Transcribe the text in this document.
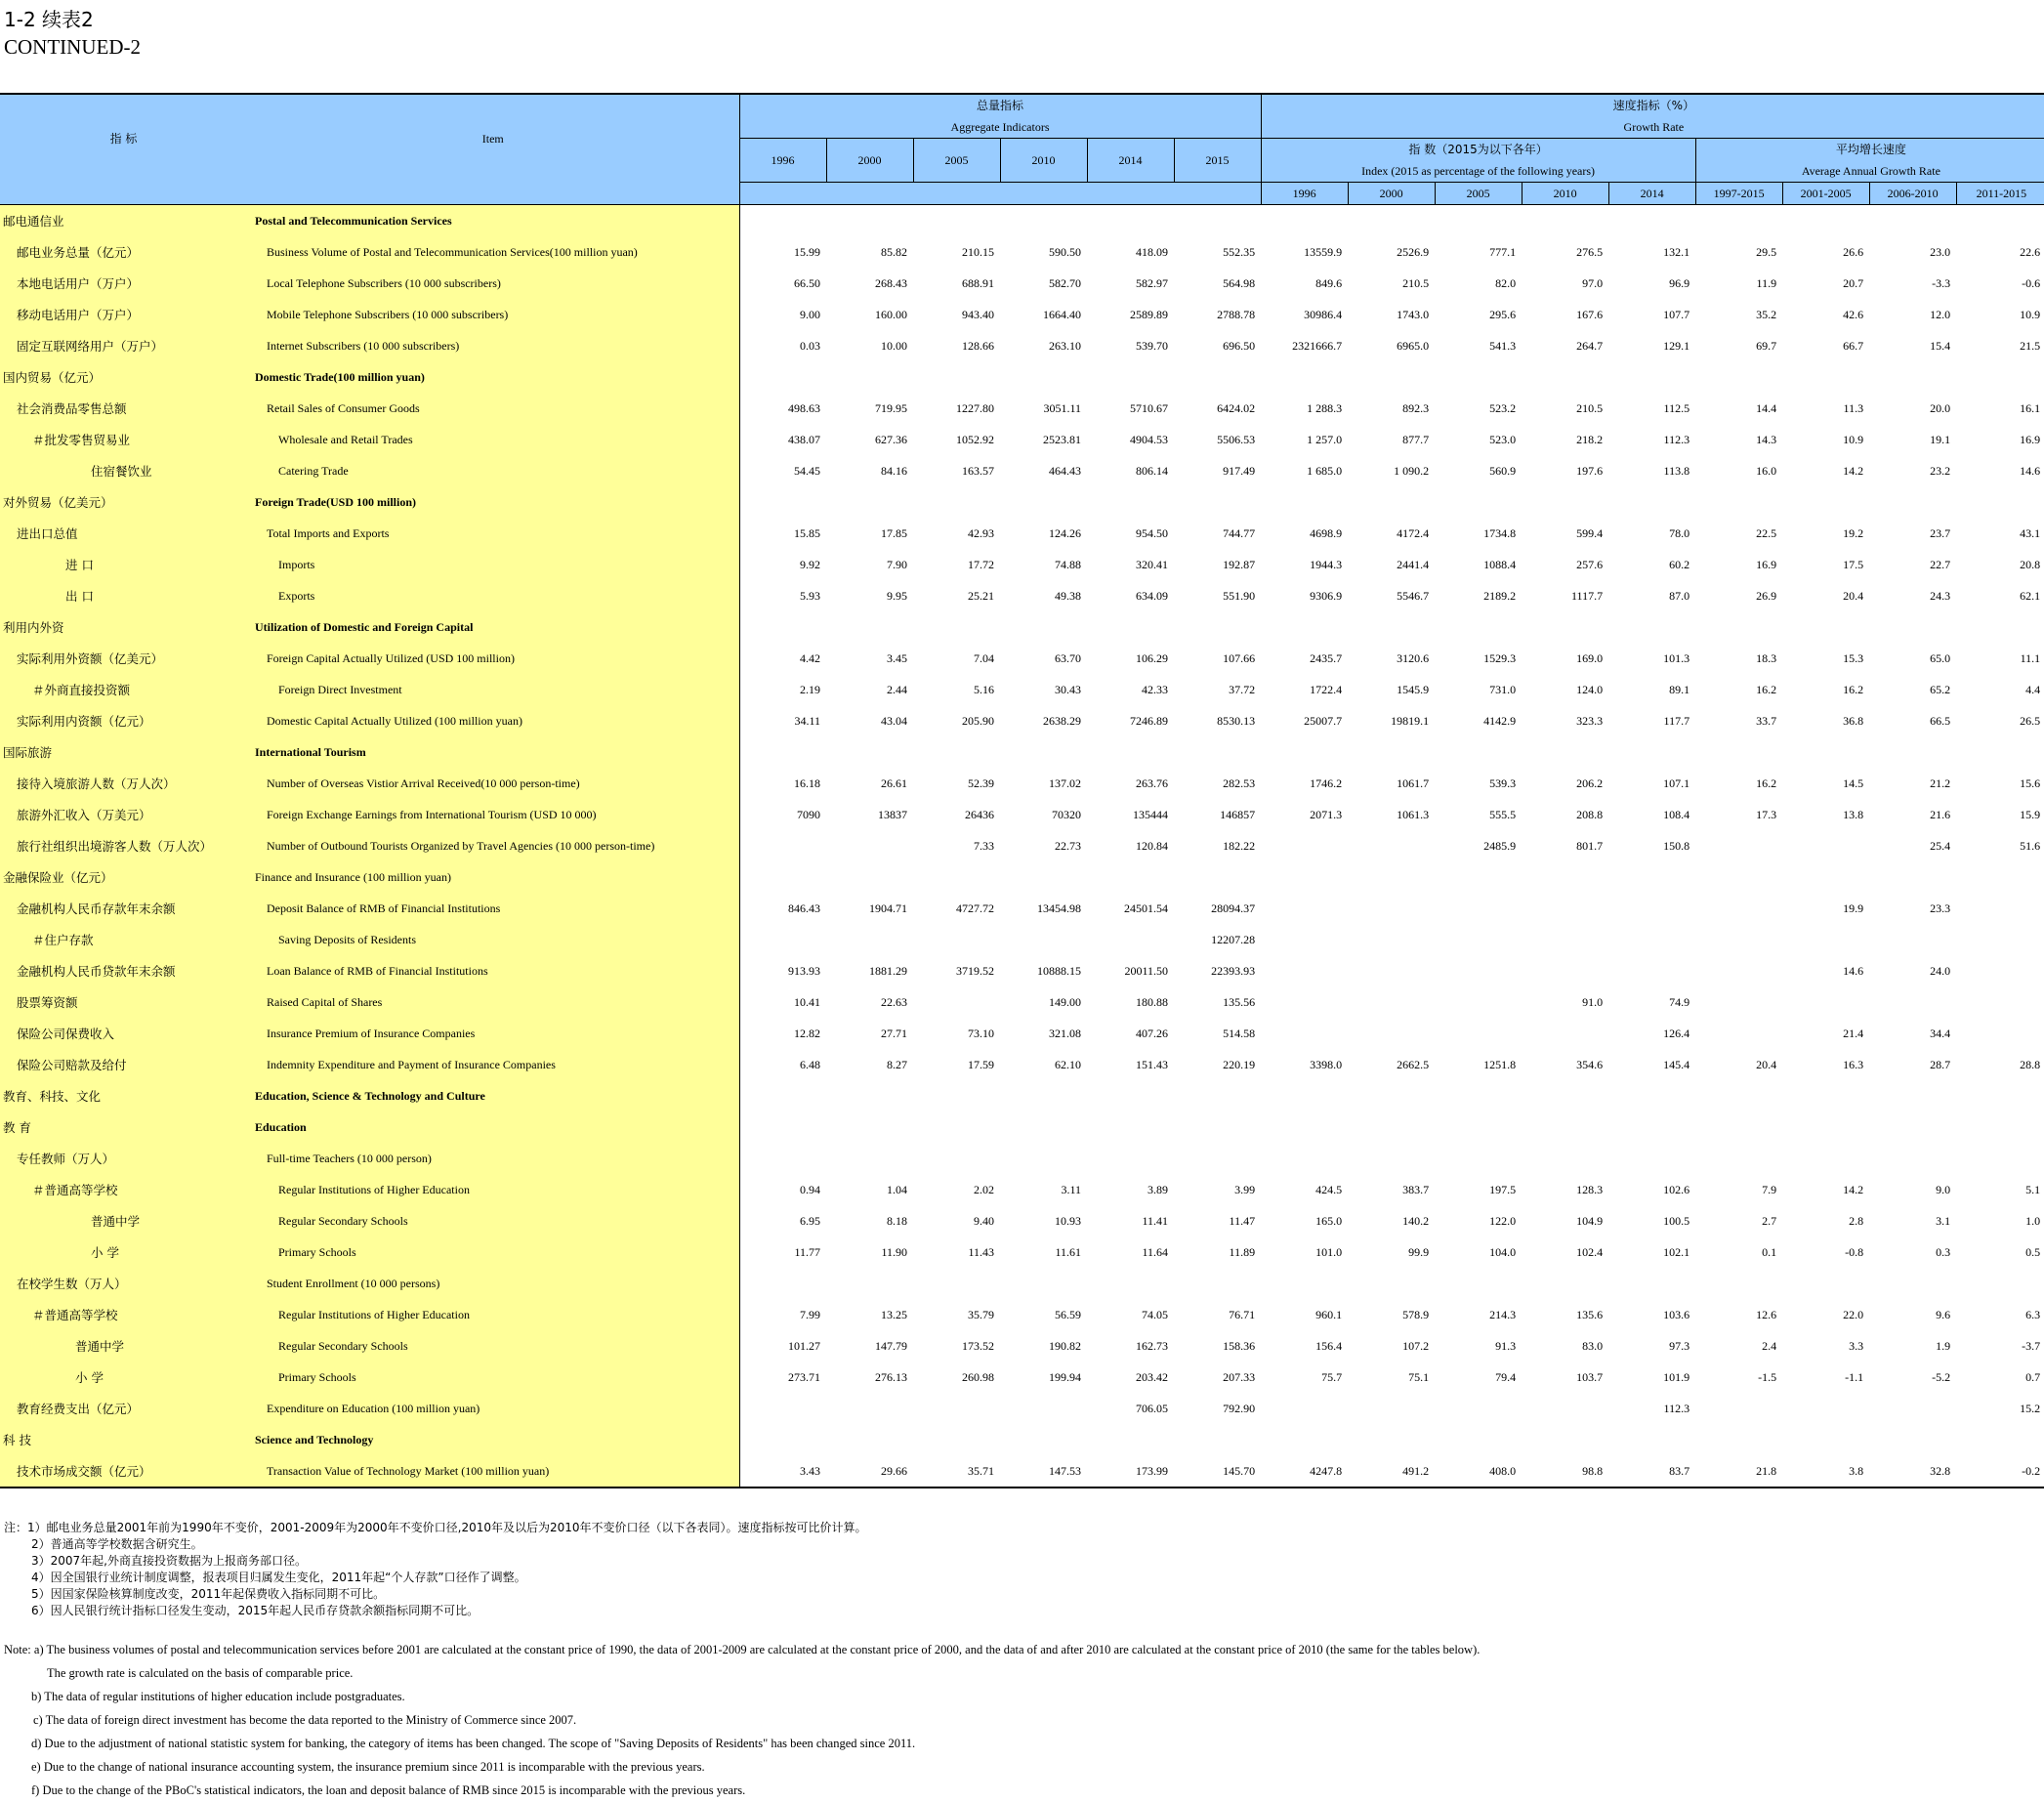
1-2 续表2
CONTINUED-2
指 标	Item	总量指标						速度指标（%）								
		Aggregate Indicators						Growth Rate								
		1996	2000	2005	2010	2014	2015	指 数（2015为以下各年）					平均增长速度			

								Index (2015 as percentage of the following years)					Average Annual Growth Rate			
								1996	2000	2005	2010	2014	1997-2015	2001-2005	2006-2010	2011-2015
邮电通信业	Postal and Telecommunication Services															
邮电业务总量（亿元）	Business Volume of Postal and Telecommunication Services(100 million yuan)	15.99	85.82	210.15	590.50	418.09	552.35	13559.9	2526.9	777.1	276.5	132.1	29.5	26.6	23.0	22.6
本地电话用户（万户）	Local Telephone Subscribers (10 000 subscribers)	66.50	268.43	688.91	582.70	582.97	564.98	849.6	210.5	82.0	97.0	96.9	11.9	20.7	-3.3	-0.6
移动电话用户（万户）	Mobile Telephone Subscribers (10 000 subscribers)	9.00	160.00	943.40	1664.40	2589.89	2788.78	30986.4	1743.0	295.6	167.6	107.7	35.2	42.6	12.0	10.9
固定互联网络用户（万户）	Internet Subscribers (10 000 subscribers)	0.03	10.00	128.66	263.10	539.70	696.50	2321666.7	6965.0	541.3	264.7	129.1	69.7	66.7	15.4	21.5
国内贸易（亿元）	Domestic Trade(100 million yuan)															
社会消费品零售总额	Retail Sales of Consumer Goods	498.63	719.95	1227.80	3051.11	5710.67	6424.02	1 288.3	892.3	523.2	210.5	112.5	14.4	11.3	20.0	16.1
＃批发零售贸易业	Wholesale and Retail Trades	438.07	627.36	1052.92	2523.81	4904.53	5506.53	1 257.0	877.7	523.0	218.2	112.3	14.3	10.9	19.1	16.9
住宿餐饮业	Catering Trade	54.45	84.16	163.57	464.43	806.14	917.49	1 685.0	1 090.2	560.9	197.6	113.8	16.0	14.2	23.2	14.6
对外贸易（亿美元）	Foreign Trade(USD 100 million)															
进出口总值	Total Imports and Exports	15.85	17.85	42.93	124.26	954.50	744.77	4698.9	4172.4	1734.8	599.4	78.0	22.5	19.2	23.7	43.1
进 口	Imports	9.92	7.90	17.72	74.88	320.41	192.87	1944.3	2441.4	1088.4	257.6	60.2	16.9	17.5	22.7	20.8
出 口	Exports	5.93	9.95	25.21	49.38	634.09	551.90	9306.9	5546.7	2189.2	1117.7	87.0	26.9	20.4	24.3	62.1
利用内外资	Utilization of Domestic and Foreign Capital															
实际利用外资额（亿美元）	Foreign Capital Actually Utilized (USD 100 million)	4.42	3.45	7.04	63.70	106.29	107.66	2435.7	3120.6	1529.3	169.0	101.3	18.3	15.3	65.0	11.1
＃外商直接投资额	Foreign Direct Investment	2.19	2.44	5.16	30.43	42.33	37.72	1722.4	1545.9	731.0	124.0	89.1	16.2	16.2	65.2	4.4
实际利用内资额（亿元）	Domestic Capital Actually Utilized (100 million yuan)	34.11	43.04	205.90	2638.29	7246.89	8530.13	25007.7	19819.1	4142.9	323.3	117.7	33.7	36.8	66.5	26.5
国际旅游	International Tourism															
接待入境旅游人数（万人次）	Number of Overseas Vistior Arrival Received(10 000 person-time)	16.18	26.61	52.39	137.02	263.76	282.53	1746.2	1061.7	539.3	206.2	107.1	16.2	14.5	21.2	15.6
旅游外汇收入（万美元）	Foreign Exchange Earnings from International Tourism (USD 10 000)	7090	13837	26436	70320	135444	146857	2071.3	1061.3	555.5	208.8	108.4	17.3	13.8	21.6	15.9
旅行社组织出境游客人数（万人次）	Number of Outbound Tourists Organized by Travel Agencies (10 000 person-time)			7.33	22.73	120.84	182.22			2485.9	801.7	150.8			25.4	51.6
金融保险业（亿元）	Finance and Insurance (100 million yuan)															
金融机构人民币存款年末余额	Deposit Balance of RMB of Financial Institutions	846.43	1904.71	4727.72	13454.98	24501.54	28094.37							19.9	23.3	
＃住户存款	Saving Deposits of Residents						12207.28									
金融机构人民币贷款年末余额	Loan Balance of RMB of Financial Institutions	913.93	1881.29	3719.52	10888.15	20011.50	22393.93							14.6	24.0	
股票筹资额	Raised Capital of Shares	10.41	22.63		149.00	180.88	135.56				91.0	74.9				
保险公司保费收入	Insurance Premium of Insurance Companies	12.82	27.71	73.10	321.08	407.26	514.58					126.4		21.4	34.4	
保险公司赔款及给付	Indemnity Expenditure and Payment of Insurance Companies	6.48	8.27	17.59	62.10	151.43	220.19	3398.0	2662.5	1251.8	354.6	145.4	20.4	16.3	28.7	28.8
教育、科技、文化	Education, Science & Technology and Culture															
教 育	Education															
专任教师（万人）	Full-time Teachers (10 000 person)															
＃普通高等学校	Regular Institutions of Higher Education	0.94	1.04	2.02	3.11	3.89	3.99	424.5	383.7	197.5	128.3	102.6	7.9	14.2	9.0	5.1
普通中学	Regular Secondary Schools	6.95	8.18	9.40	10.93	11.41	11.47	165.0	140.2	122.0	104.9	100.5	2.7	2.8	3.1	1.0
小 学	Primary Schools	11.77	11.90	11.43	11.61	11.64	11.89	101.0	99.9	104.0	102.4	102.1	0.1	-0.8	0.3	0.5
在校学生数（万人）	Student Enrollment (10 000 persons)															
＃普通高等学校	Regular Institutions of Higher Education	7.99	13.25	35.79	56.59	74.05	76.71	960.1	578.9	214.3	135.6	103.6	12.6	22.0	9.6	6.3
普通中学	Regular Secondary Schools	101.27	147.79	173.52	190.82	162.73	158.36	156.4	107.2	91.3	83.0	97.3	2.4	3.3	1.9	-3.7
小 学	Primary Schools	273.71	276.13	260.98	199.94	203.42	207.33	75.7	75.1	79.4	103.7	101.9	-1.5	-1.1	-5.2	0.7
教育经费支出（亿元）	Expenditure on Education (100 million yuan)					706.05	792.90					112.3				15.2
科 技	Science and Technology															
技术市场成交额（亿元）	Transaction Value of Technology Market (100 million yuan)	3.43	29.66	35.71	147.53	173.99	145.70	4247.8	491.2	408.0	98.8	83.7	21.8	3.8	32.8	-0.2
注：1）邮电业务总量2001年前为1990年不变价，2001-2009年为2000年不变价口径,2010年及以后为2010年不变价口径（以下各表同）。速度指标按可比价计算。
2）普通高等学校数据含研究生。
3）2007年起,外商直接投资数据为上报商务部口径。
4）因全国银行业统计制度调整，报表项目归属发生变化，2011年起“个人存款”口径作了调整。
5）因国家保险核算制度改变，2011年起保费收入指标同期不可比。
6）因人民银行统计指标口径发生变动，2015年起人民币存贷款余额指标同期不可比。
Note: a) The business volumes of postal and telecommunication services before 2001 are calculated at the constant price of 1990, the data of 2001-2009 are calculated at the constant price of 2000, and the data of and after 2010 are calculated at the constant price of 2010 (the same for the tables below).
The growth rate is calculated on the basis of comparable price.
b) The data of regular institutions of higher education include postgraduates.
c) The data of foreign direct investment has become the data reported to the Ministry of Commerce since 2007.
d) Due to the adjustment of national statistic system for banking, the category of items has been changed. The scope of "Saving Deposits of Residents" has been changed since 2011.
e) Due to the change of national insurance accounting system, the insurance premium since 2011 is incomparable with the previous years.
f) Due to the change of the PBoC's statistical indicators, the loan and deposit balance of RMB since 2015 is incomparable with the previous years.
